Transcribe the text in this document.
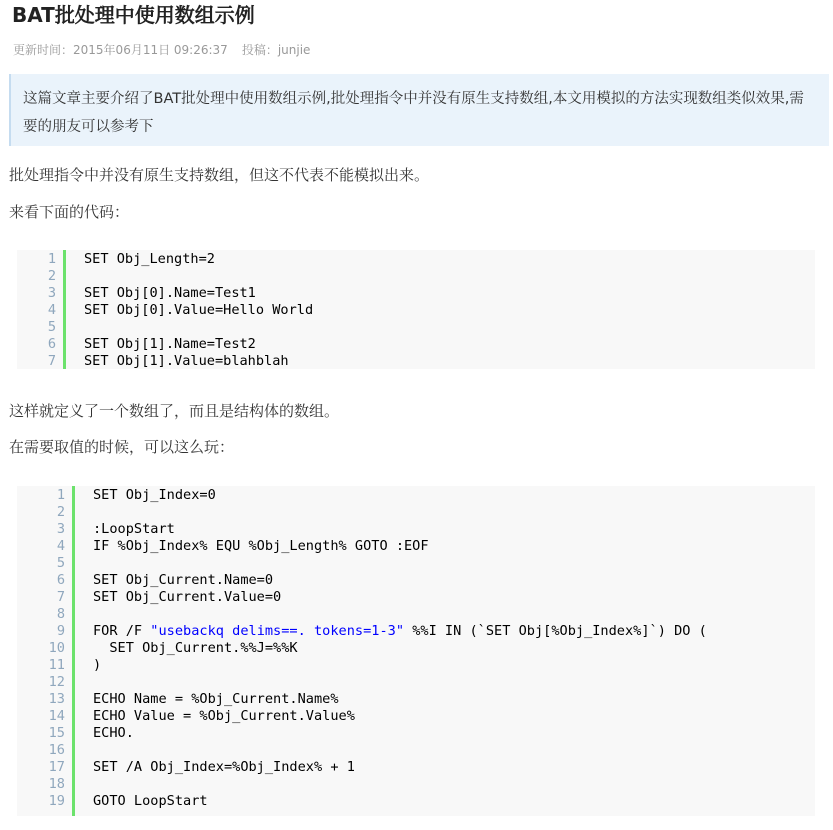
BAT批处理中使用数组示例
更新时间：2015年06月11日 09:26:37 投稿：junjie
这篇文章主要介绍了BAT批处理中使用数组示例,批处理指令中并没有原生支持数组,本文用模拟的方法实现数组类似效果,需要的朋友可以参考下

批处理指令中并没有原生支持数组，但这不代表不能模拟出来。

来看下面的代码：

1
2
3
4
5
6
7
SET Obj_Length=2
SET Obj[0].Name=Test1
SET Obj[0].Value=Hello World
SET Obj[1].Name=Test2
SET Obj[1].Value=blahblah

这样就定义了一个数组了，而且是结构体的数组。

在需要取值的时候，可以这么玩：

1
2
3
4
5
6
7
8
9
10
11
12
13
14
15
16
17
18
19
SET Obj_Index=0
:LoopStart
IF %Obj_Index% EQU %Obj_Length% GOTO :EOF
SET Obj_Current.Name=0
SET Obj_Current.Value=0
FOR /F "usebackq delims==. tokens=1-3" %%I IN (`SET Obj[%Obj_Index%]`) DO (
SET Obj_Current.%%J=%%K
)
ECHO Name = %Obj_Current.Name%
ECHO Value = %Obj_Current.Value%
ECHO.
SET /A Obj_Index=%Obj_Index% + 1
GOTO LoopStart
